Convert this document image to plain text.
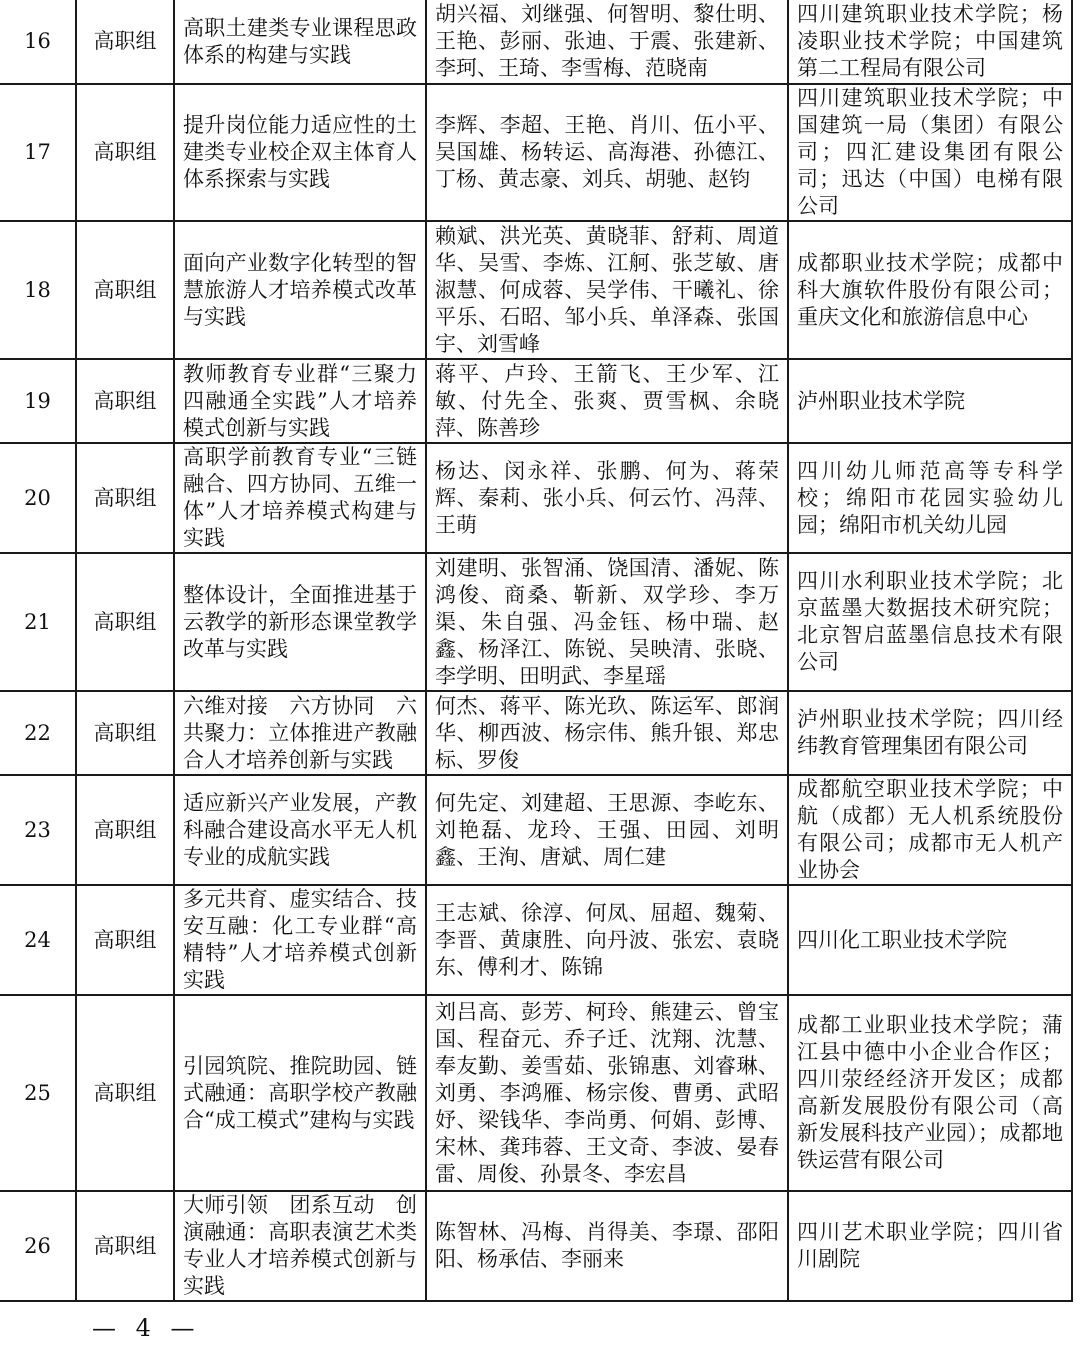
16	高职组	高职土建类专业课程思政体系的构建与实践	胡兴福、刘继强、何智明、黎仕明、王艳、彭丽、张迪、于震、张建新、李珂、王琦、李雪梅、范晓南	四川建筑职业技术学院；杨凌职业技术学院；中国建筑第二工程局有限公司

17	高职组	提升岗位能力适应性的土建类专业校企双主体育人体系探索与实践	李辉、李超、王艳、肖川、伍小平、吴国雄、杨转运、高海港、孙德江、丁杨、黄志豪、刘兵、胡驰、赵钧	四川建筑职业技术学院；中国建筑一局（集团）有限公司；四汇建设集团有限公司；迅达（中国）电梯有限公司

18	高职组	面向产业数字化转型的智慧旅游人才培养模式改革与实践	赖斌、洪光英、黄晓菲、舒莉、周道华、吴雪、李炼、江舸、张芝敏、唐淑慧、何成蓉、吴学伟、干曦礼、徐平乐、石昭、邹小兵、单泽森、张国宇、刘雪峰	成都职业技术学院；成都中科大旗软件股份有限公司；重庆文化和旅游信息中心

19	高职组	教师教育专业群“三聚力四融通全实践”人才培养模式创新与实践	蒋平、卢玲、王箭飞、王少军、江敏、付先全、张爽、贾雪枫、余晓萍、陈善珍	泸州职业技术学院

20	高职组	高职学前教育专业“三链融合、四方协同、五维一体”人才培养模式构建与实践	杨达、闵永祥、张鹏、何为、蒋荣辉、秦莉、张小兵、何云竹、冯萍、王萌	四川幼儿师范高等专科学校；绵阳市花园实验幼儿园；绵阳市机关幼儿园

21	高职组	整体设计，全面推进基于云教学的新形态课堂教学改革与实践	刘建明、张智涌、饶国清、潘妮、陈鸿俊、商桑、靳新、双学珍、李万渠、朱自强、冯金钰、杨中瑞、赵鑫、杨泽江、陈锐、吴映清、张晓、李学明、田明武、李星瑶	四川水利职业技术学院；北京蓝墨大数据技术研究院；北京智启蓝墨信息技术有限公司

22	高职组	六维对接　六方协同　六共聚力：立体推进产教融合人才培养创新与实践	何杰、蒋平、陈光玖、陈运军、郎润华、柳西波、杨宗伟、熊升银、郑忠标、罗俊	泸州职业技术学院；四川经纬教育管理集团有限公司

23	高职组	适应新兴产业发展，产教科融合建设高水平无人机专业的成航实践	何先定、刘建超、王思源、李屹东、刘艳磊、龙玲、王强、田园、刘明鑫、王洵、唐斌、周仁建	成都航空职业技术学院；中航（成都）无人机系统股份有限公司；成都市无人机产业协会

24	高职组	多元共育、虚实结合、技安互融：化工专业群“高精特”人才培养模式创新实践	王志斌、徐淳、何凤、屈超、魏菊、李晋、黄康胜、向丹波、张宏、袁晓东、傅利才、陈锦	四川化工职业技术学院

25	高职组	引园筑院、推院助园、链式融通：高职学校产教融合“成工模式”建构与实践	刘吕高、彭芳、柯玲、熊建云、曾宝国、程奋元、乔子迁、沈翔、沈慧、奉友勤、姜雪茹、张锦惠、刘睿琳、刘勇、李鸿雁、杨宗俊、曹勇、武昭妤、梁钱华、李尚勇、何娟、彭博、宋林、龚玮蓉、王文奇、李波、晏春雷、周俊、孙景冬、李宏昌	成都工业职业技术学院；蒲江县中德中小企业合作区；四川荥经经济开发区；成都高新发展股份有限公司（高新发展科技产业园）；成都地铁运营有限公司

26	高职组	大师引领　团系互动　创演融通：高职表演艺术类专业人才培养模式创新与实践	陈智林、冯梅、肖得美、李璟、邵阳阳、杨承佶、李丽来	四川艺术职业学院；四川省川剧院
— 4 —
